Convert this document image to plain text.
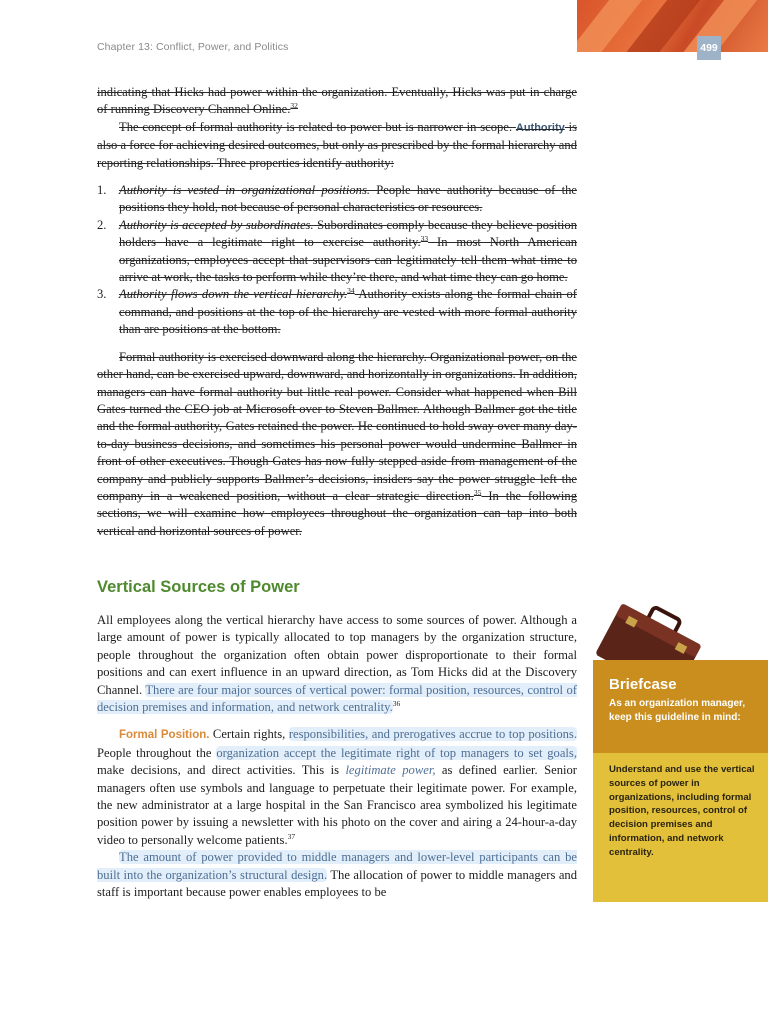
Chapter 13: Conflict, Power, and Politics	499

indicating that Hicks had power within the organization. Eventually, Hicks was put in charge of running Discovery Channel Online.$^{32}$

The concept of formal authority is related to power but is narrower in scope. Authority is also a force for achieving desired outcomes, but only as prescribed by the formal hierarchy and reporting relationships. Three properties identify authority:

1. Authority is vested in organizational positions. People have authority because of the positions they hold, not because of personal characteristics or resources.
2. Authority is accepted by subordinates. Subordinates comply because they believe position holders have a legitimate right to exercise authority.$^{33}$ In most North American organizations, employees accept that supervisors can legitimately tell them what time to arrive at work, the tasks to perform while they’re there, and what time they can go home.
3. Authority flows down the vertical hierarchy.$^{34}$ Authority exists along the formal chain of command, and positions at the top of the hierarchy are vested with more formal authority than are positions at the bottom.

Formal authority is exercised downward along the hierarchy. Organizational power, on the other hand, can be exercised upward, downward, and horizontally in organizations. In addition, managers can have formal authority but little real power. Consider what happened when Bill Gates turned the CEO job at Microsoft over to Steven Ballmer. Although Ballmer got the title and the formal authority, Gates retained the power. He continued to hold sway over many day-to-day business decisions, and sometimes his personal power would undermine Ballmer in front of other executives. Though Gates has now fully stepped aside from management of the company and publicly supports Ballmer’s decisions, insiders say the power struggle left the company in a weakened position, without a clear strategic direction.$^{35}$ In the following sections, we will examine how employees throughout the organization can tap into both vertical and horizontal sources of power.

Vertical Sources of Power

All employees along the vertical hierarchy have access to some sources of power. Although a large amount of power is typically allocated to top managers by the organization structure, people throughout the organization often obtain power disproportionate to their formal positions and can exert influence in an upward direction, as Tom Hicks did at the Discovery Channel. There are four major sources of vertical power: formal position, resources, control of decision premises and information, and network centrality.$^{36}$

Formal Position. Certain rights, responsibilities, and prerogatives accrue to top positions. People throughout the organization accept the legitimate right of top managers to set goals, make decisions, and direct activities. This is legitimate power, as defined earlier. Senior managers often use symbols and language to perpetuate their legitimate power. For example, the new administrator at a large hospital in the San Francisco area symbolized his legitimate position power by issuing a newsletter with his photo on the cover and airing a 24-hour-a-day video to personally welcome patients.$^{37}$

The amount of power provided to middle managers and lower-level participants can be built into the organization’s structural design. The allocation of power to middle managers and staff is important because power enables employees to be

Briefcase
As an organization manager, keep this guideline in mind:
Understand and use the vertical sources of power in organizations, including formal position, resources, control of decision premises and information, and network centrality.
